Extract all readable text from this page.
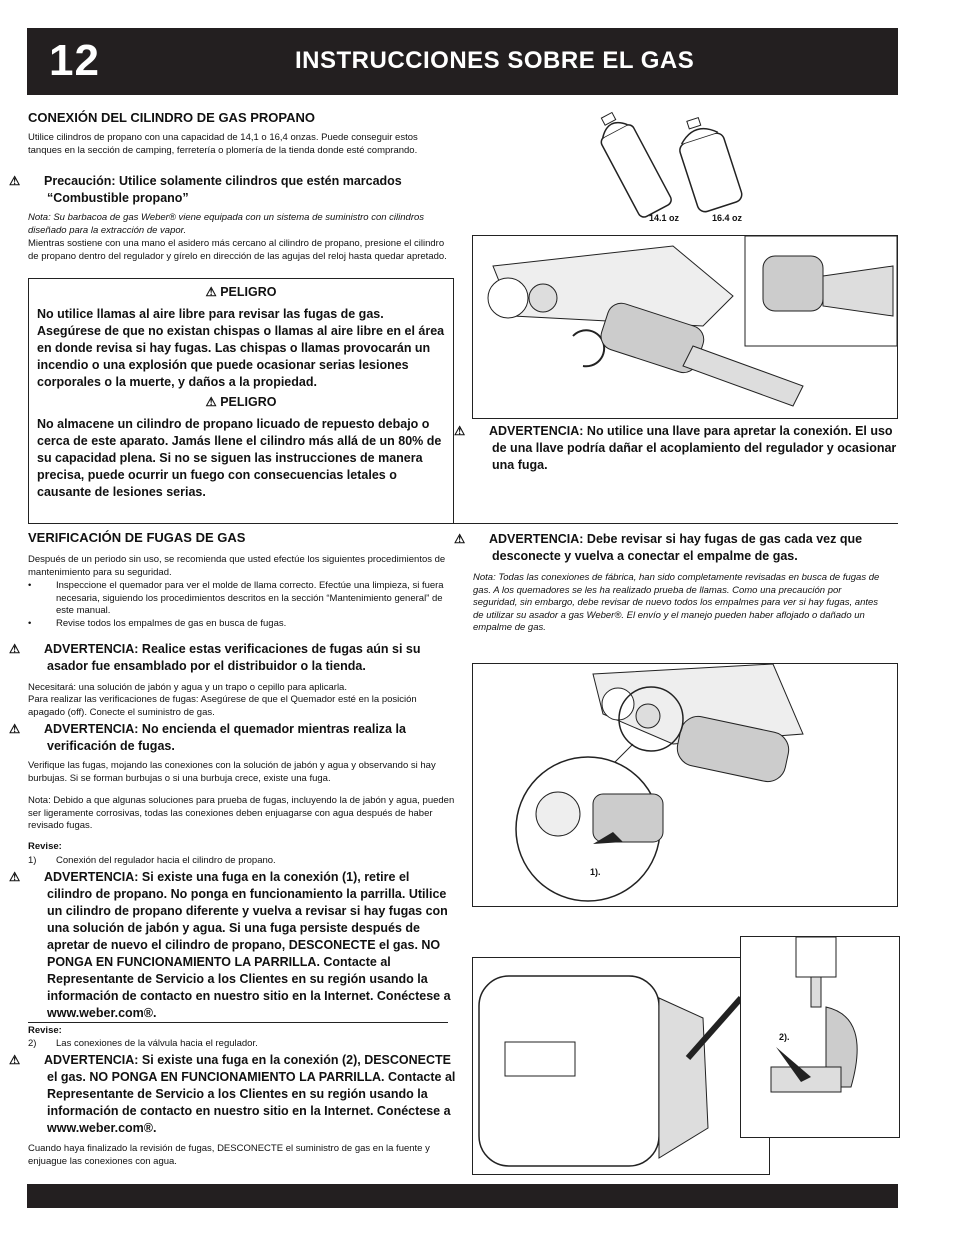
12	INSTRUCCIONES SOBRE EL GAS
CONEXIÓN DEL CILINDRO DE GAS PROPANO
Utilice cilindros de propano con una capacidad de 14,1 o 16,4 onzas. Puede conseguir estos tanques en la sección de camping, ferretería o plomería de la tienda donde esté comprando.
⚠ Precaución: Utilice solamente cilindros que estén marcados “Combustible propano”
Nota: Su barbacoa de gas Weber® viene equipada con un sistema de suministro con cilindros diseñado para la extracción de vapor.
Mientras sostiene con una mano el asidero más cercano al cilindro de propano, presione el cilindro de propano dentro del regulador y gírelo en dirección de las agujas del reloj hasta quedar apretado.
⚠ PELIGRO
No utilice llamas al aire libre para revisar las fugas de gas. Asegúrese de que no existan chispas o llamas al aire libre en el área en donde revisa si hay fugas. Las chispas o llamas provocarán un incendio o una explosión que puede ocasionar serias lesiones corporales o la muerte, y daños a la propiedad.
⚠ PELIGRO
No almacene un cilindro de propano licuado de repuesto debajo o cerca de este aparato. Jamás llene el cilindro más allá de un 80% de su capacidad plena. Si no se siguen las instrucciones de manera precisa, puede ocurrir un fuego con consecuencias letales o causante de lesiones serias.
14.1 oz	16.4 oz
⚠ ADVERTENCIA: No utilice una llave para apretar la conexión. El uso de una llave podría dañar el acoplamiento del regulador y ocasionar una fuga.
VERIFICACIÓN DE FUGAS DE GAS
Después de un periodo sin uso, se recomienda que usted efectúe los siguientes procedimientos de mantenimiento para su seguridad.
•	Inspeccione el quemador para ver el molde de llama correcto. Efectúe una limpieza, si fuera necesaria, siguiendo los procedimientos descritos en la sección “Mantenimiento general” de este manual.
•	Revise todos los empalmes de gas en busca de fugas.
⚠ ADVERTENCIA: Realice estas verificaciones de fugas aún si su asador fue ensamblado por el distribuidor o la tienda.
Necesitará: una solución de jabón y agua y un trapo o cepillo para aplicarla.
Para realizar las verificaciones de fugas: Asegúrese de que el Quemador esté en la posición apagado (off). Conecte el suministro de gas.
⚠ ADVERTENCIA: No encienda el quemador mientras realiza la verificación de fugas.
Verifique las fugas, mojando las conexiones con la solución de jabón y agua y observando si hay burbujas. Si se forman burbujas o si una burbuja crece, existe una fuga.
Nota: Debido a que algunas soluciones para prueba de fugas, incluyendo la de jabón y agua, pueden ser ligeramente corrosivas, todas las conexiones deben enjuagarse con agua después de haber revisado fugas.
Revise:
1) Conexión del regulador hacia el cilindro de propano.
⚠ ADVERTENCIA: Si existe una fuga en la conexión (1), retire el cilindro de propano. No ponga en funcionamiento la parrilla. Utilice un cilindro de propano diferente y vuelva a revisar si hay fugas con una solución de jabón y agua. Si una fuga persiste después de apretar de nuevo el cilindro de propano, DESCONECTE el gas. NO PONGA EN FUNCIONAMIENTO LA PARRILLA. Contacte al Representante de Servicio a los Clientes en su región usando la información de contacto en nuestro sitio en la Internet. Conéctese a www.weber.com®.
Revise:
2) Las conexiones de la válvula hacia el regulador.
⚠ ADVERTENCIA: Si existe una fuga en la conexión (2), DESCONECTE el gas. NO PONGA EN FUNCIONAMIENTO LA PARRILLA. Contacte al Representante de Servicio a los Clientes en su región usando la información de contacto en nuestro sitio en la Internet. Conéctese a www.weber.com®.
Cuando haya finalizado la revisión de fugas, DESCONECTE el suministro de gas en la fuente y enjuague las conexiones con agua.
⚠ ADVERTENCIA: Debe revisar si hay fugas de gas cada vez que desconecte y vuelva a conectar el empalme de gas.
Nota: Todas las conexiones de fábrica, han sido completamente revisadas en busca de fugas de gas. A los quemadores se les ha realizado prueba de llamas. Como una precaución por seguridad, sin embargo, debe revisar de nuevo todos los empalmes para ver si hay fugas, antes de utilizar su asador a gas Weber®. El envío y el manejo pueden haber aflojado o dañado un empalme de gas.
1).
2).
